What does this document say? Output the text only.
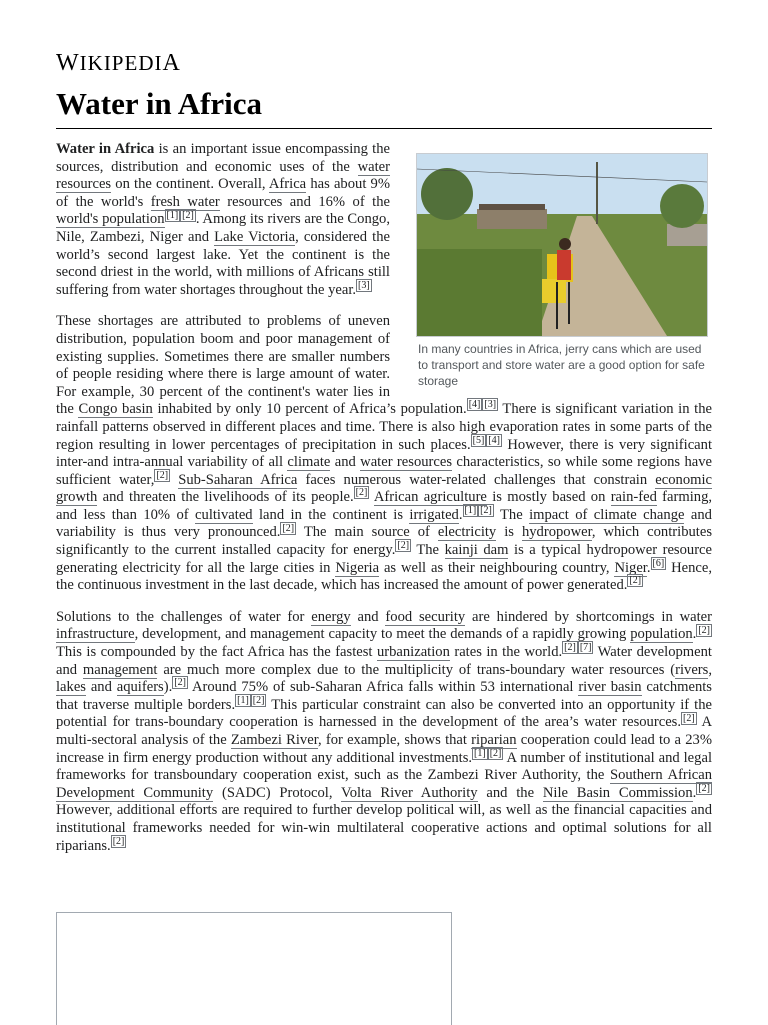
WIKIPEDIA
Water in Africa
In many countries in Africa, jerry cans which are used to transport and store water are a good option for safe storage

Water in Africa is an important issue encompassing the sources, distribution and economic uses of the water resources on the continent. Overall, Africa has about 9% of the world's fresh water resources and 16% of the world's population [1] [2] . Among its rivers are the Congo, Nile, Zambezi, Niger and Lake Victoria, considered the world’s second largest lake. Yet the continent is the second driest in the world, with millions of Africans still suffering from water shortages throughout the year. [3]

These shortages are attributed to problems of uneven distribution, population boom and poor management of existing supplies. Sometimes there are smaller numbers of people residing where there is large amount of water. For example, 30 percent of the continent's water lies in the Congo basin inhabited by only 10 percent of Africa’s population. [4] [3] There is significant variation in the rainfall patterns observed in different places and time. There is also high evaporation rates in some parts of the region resulting in lower percentages of precipitation in such places. [5] [4] However, there is very significant inter-and intra-annual variability of all climate and water resources characteristics, so while some regions have sufficient water, [2] Sub-Saharan Africa faces numerous water-related challenges that constrain economic growth and threaten the livelihoods of its people. [2] African agriculture is mostly based on rain-fed farming, and less than 10% of cultivated land in the continent is irrigated. [1] [2] The impact of climate change and variability is thus very pronounced. [2] The main source of electricity is hydropower, which contributes significantly to the current installed capacity for energy. [2] The kainji dam is a typical hydropower resource generating electricity for all the large cities in Nigeria as well as their neighbouring country, Niger. [6] Hence, the continuous investment in the last decade, which has increased the amount of power generated. [2]

Solutions to the challenges of water for energy and food security are hindered by shortcomings in water infrastructure, development, and management capacity to meet the demands of a rapidly growing population. [2] This is compounded by the fact Africa has the fastest urbanization rates in the world. [2] [7] Water development and management are much more complex due to the multiplicity of trans-boundary water resources (rivers, lakes and aquifers). [2] Around 75% of sub-Saharan Africa falls within 53 international river basin catchments that traverse multiple borders. [1] [2] This particular constraint can also be converted into an opportunity if the potential for trans-boundary cooperation is harnessed in the development of the area’s water resources. [2] A multi-sectoral analysis of the Zambezi River, for example, shows that riparian cooperation could lead to a 23% increase in firm energy production without any additional investments. [1] [2] A number of institutional and legal frameworks for transboundary cooperation exist, such as the Zambezi River Authority, the Southern African Development Community (SADC) Protocol, Volta River Authority and the Nile Basin Commission. [2] However, additional efforts are required to further develop political will, as well as the financial capacities and institutional frameworks needed for win-win multilateral cooperative actions and optimal solutions for all riparians. [2]
